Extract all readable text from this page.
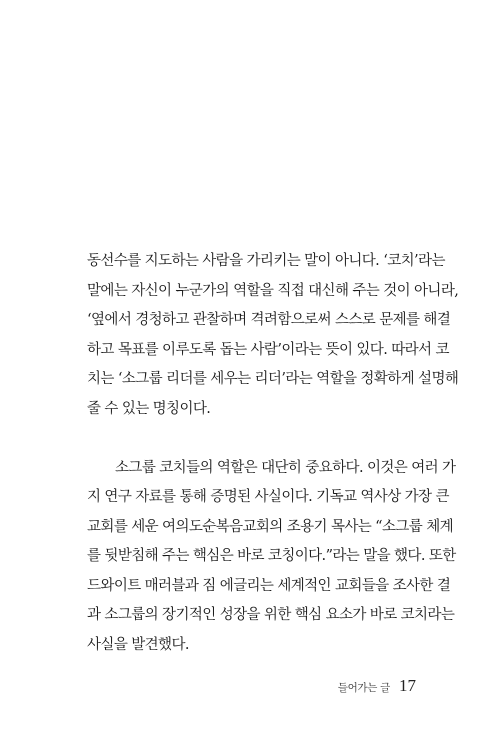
동선수를 지도하는 사람을 가리키는 말이 아니다. ‘코치’라는
말에는 자신이 누군가의 역할을 직접 대신해 주는 것이 아니라,
‘옆에서 경청하고 관찰하며 격려함으로써 스스로 문제를 해결
하고 목표를 이루도록 돕는 사람’이라는 뜻이 있다. 따라서 코
치는 ‘소그룹 리더를 세우는 리더’라는 역할을 정확하게 설명해
줄 수 있는 명칭이다.
소그룹 코치들의 역할은 대단히 중요하다. 이것은 여러 가
지 연구 자료를 통해 증명된 사실이다. 기독교 역사상 가장 큰
교회를 세운 여의도순복음교회의 조용기 목사는 “소그룹 체계
를 뒷받침해 주는 핵심은 바로 코칭이다.”라는 말을 했다. 또한
드와이트 매러블과 짐 에글리는 세계적인 교회들을 조사한 결
과 소그룹의 장기적인 성장을 위한 핵심 요소가 바로 코치라는
사실을 발견했다.
들어가는 글 17
